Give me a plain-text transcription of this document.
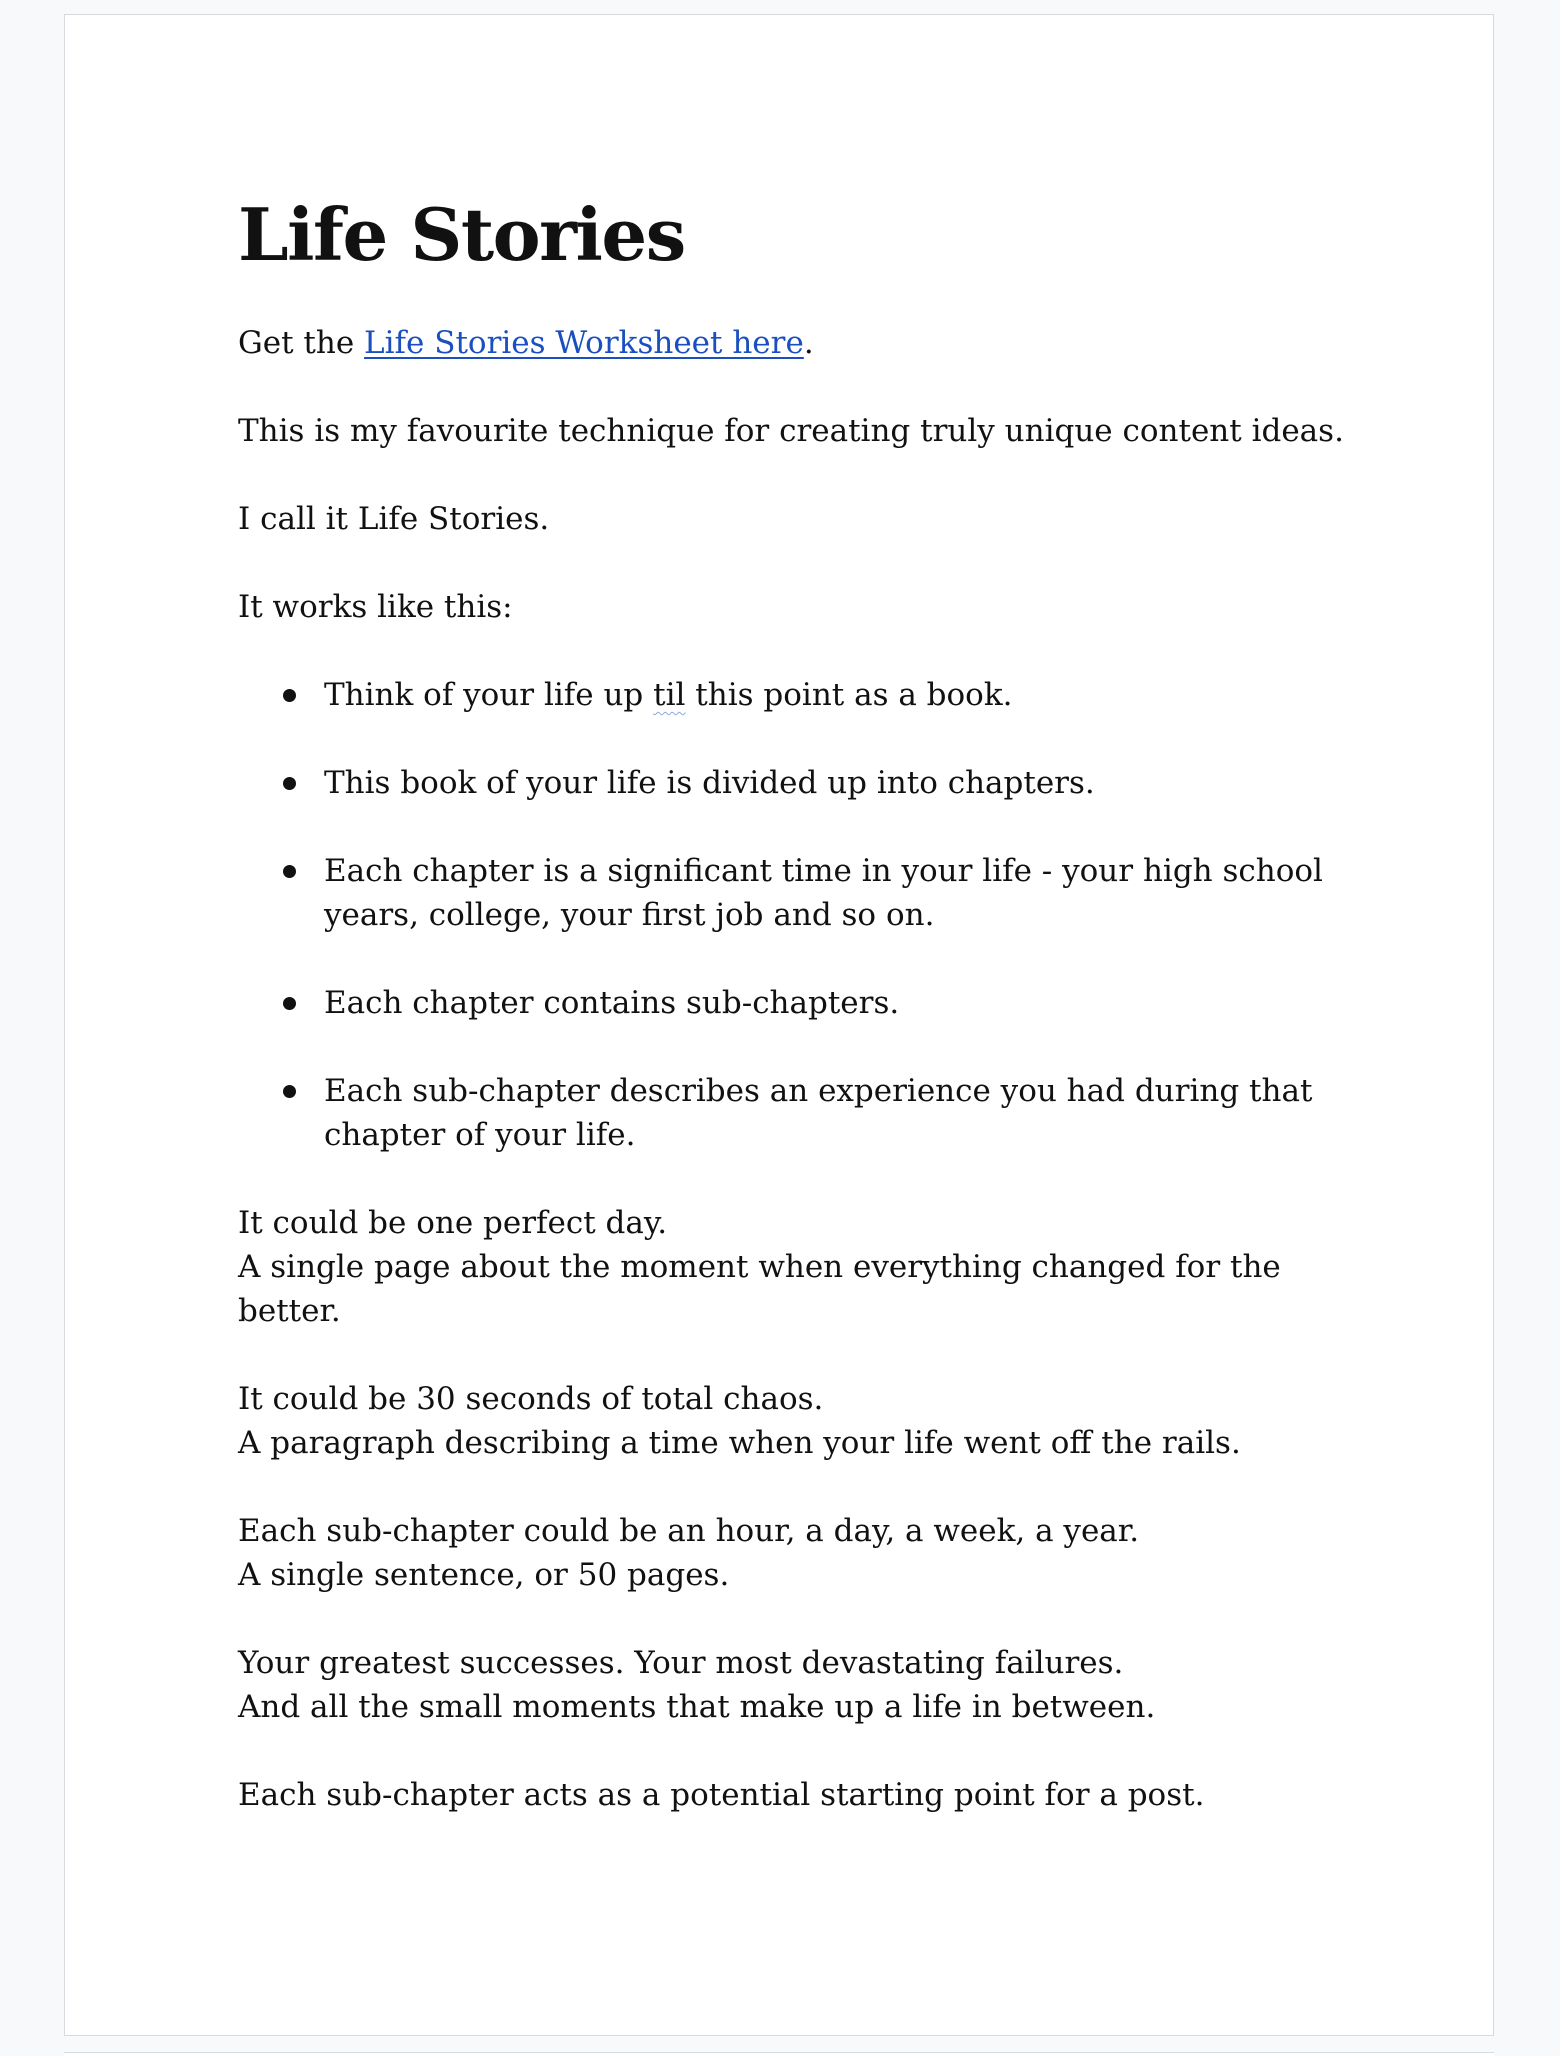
Life Stories

Get the Life Stories Worksheet here.

This is my favourite technique for creating truly unique content ideas.

I call it Life Stories.

It works like this:

Think of your life up til this point as a book.
This book of your life is divided up into chapters.
Each chapter is a significant time in your life - your high school years, college, your first job and so on.
Each chapter contains sub-chapters.
Each sub-chapter describes an experience you had during that chapter of your life.

It could be one perfect day.

A single page about the moment when everything changed for the better.

It could be 30 seconds of total chaos.

A paragraph describing a time when your life went off the rails.

Each sub-chapter could be an hour, a day, a week, a year.

A single sentence, or 50 pages.

Your greatest successes. Your most devastating failures.

And all the small moments that make up a life in between.

Each sub-chapter acts as a potential starting point for a post.
